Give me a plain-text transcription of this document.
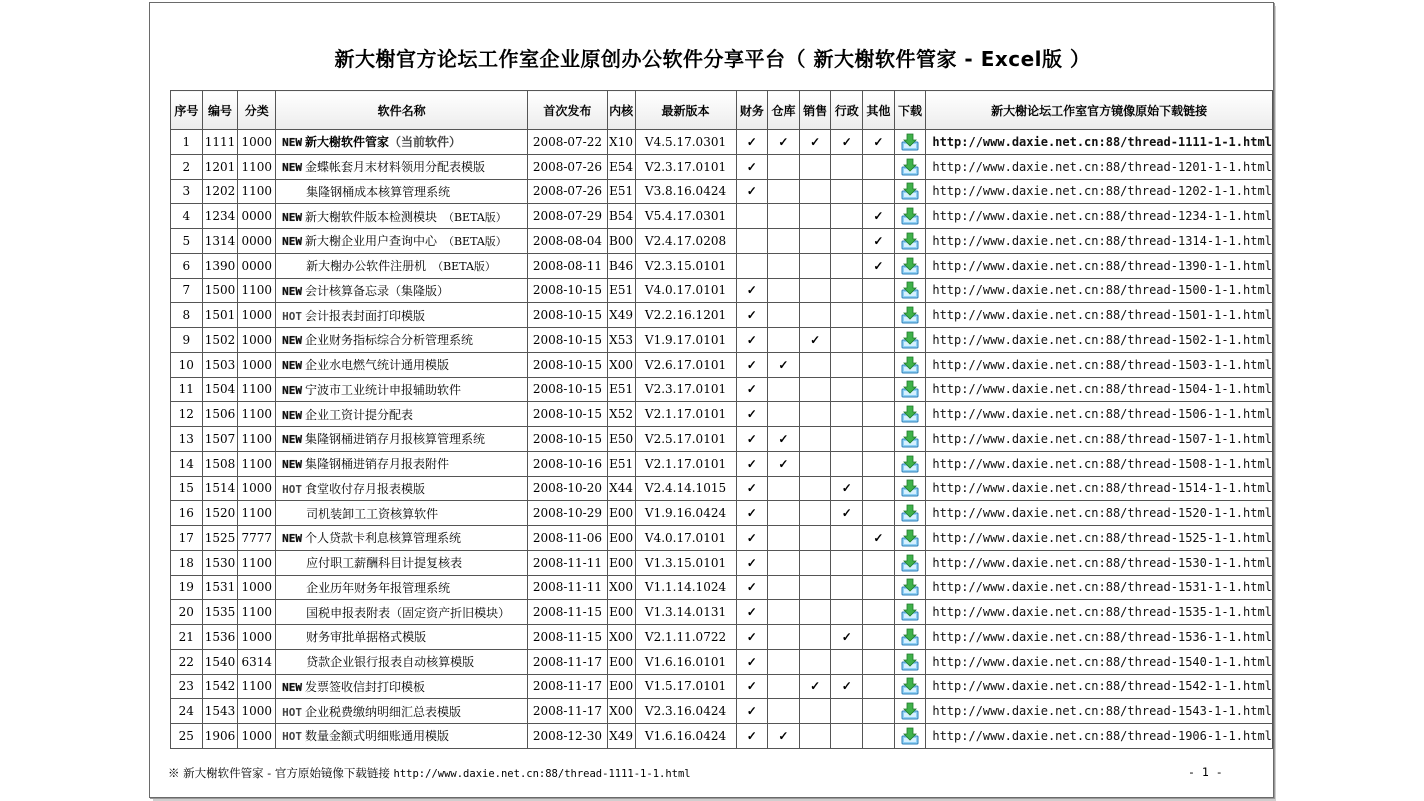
新大榭官方论坛工作室企业原创办公软件分享平台（ 新大榭软件管家 - Excel版 ）
序号	编号	分类	软件名称	首次发布	内核	最新版本	财务	仓库	销售	行政	其他	下载	新大榭论坛工作室官方镜像原始下载链接
1	1111	1000	NEW 新大榭软件管家（当前软件）	2008-07-22	X10	V4.5.17.0301	✓	✓	✓	✓	✓		http://www.daxie.net.cn:88/thread-1111-1-1.html
2	1201	1100	NEW 金蝶帐套月末材料领用分配表模版	2008-07-26	E54	V2.3.17.0101	✓						http://www.daxie.net.cn:88/thread-1201-1-1.html
3	1202	1100	集隆钢桶成本核算管理系统	2008-07-26	E51	V3.8.16.0424	✓						http://www.daxie.net.cn:88/thread-1202-1-1.html
4	1234	0000	NEW 新大榭软件版本检测模块 （BETA版）	2008-07-29	B54	V5.4.17.0301					✓		http://www.daxie.net.cn:88/thread-1234-1-1.html
5	1314	0000	NEW 新大榭企业用户查询中心 （BETA版）	2008-08-04	B00	V2.4.17.0208					✓		http://www.daxie.net.cn:88/thread-1314-1-1.html
6	1390	0000	新大榭办公软件注册机 （BETA版）	2008-08-11	B46	V2.3.15.0101					✓		http://www.daxie.net.cn:88/thread-1390-1-1.html
7	1500	1100	NEW 会计核算备忘录（集隆版）	2008-10-15	E51	V4.0.17.0101	✓						http://www.daxie.net.cn:88/thread-1500-1-1.html
8	1501	1000	HOT 会计报表封面打印模版	2008-10-15	X49	V2.2.16.1201	✓						http://www.daxie.net.cn:88/thread-1501-1-1.html
9	1502	1000	NEW 企业财务指标综合分析管理系统	2008-10-15	X53	V1.9.17.0101	✓		✓				http://www.daxie.net.cn:88/thread-1502-1-1.html
10	1503	1000	NEW 企业水电燃气统计通用模版	2008-10-15	X00	V2.6.17.0101	✓	✓					http://www.daxie.net.cn:88/thread-1503-1-1.html
11	1504	1100	NEW 宁波市工业统计申报辅助软件	2008-10-15	E51	V2.3.17.0101	✓						http://www.daxie.net.cn:88/thread-1504-1-1.html
12	1506	1100	NEW 企业工资计提分配表	2008-10-15	X52	V2.1.17.0101	✓						http://www.daxie.net.cn:88/thread-1506-1-1.html
13	1507	1100	NEW 集隆钢桶进销存月报核算管理系统	2008-10-15	E50	V2.5.17.0101	✓	✓					http://www.daxie.net.cn:88/thread-1507-1-1.html
14	1508	1100	NEW 集隆钢桶进销存月报表附件	2008-10-16	E51	V2.1.17.0101	✓	✓					http://www.daxie.net.cn:88/thread-1508-1-1.html
15	1514	1000	HOT 食堂收付存月报表模版	2008-10-20	X44	V2.4.14.1015	✓			✓			http://www.daxie.net.cn:88/thread-1514-1-1.html
16	1520	1100	司机装卸工工资核算软件	2008-10-29	E00	V1.9.16.0424	✓			✓			http://www.daxie.net.cn:88/thread-1520-1-1.html
17	1525	7777	NEW 个人贷款卡利息核算管理系统	2008-11-06	E00	V4.0.17.0101	✓				✓		http://www.daxie.net.cn:88/thread-1525-1-1.html
18	1530	1100	应付职工薪酬科目计提复核表	2008-11-11	E00	V1.3.15.0101	✓						http://www.daxie.net.cn:88/thread-1530-1-1.html
19	1531	1000	企业历年财务年报管理系统	2008-11-11	X00	V1.1.14.1024	✓						http://www.daxie.net.cn:88/thread-1531-1-1.html
20	1535	1100	国税申报表附表（固定资产折旧模块）	2008-11-15	E00	V1.3.14.0131	✓						http://www.daxie.net.cn:88/thread-1535-1-1.html
21	1536	1000	财务审批单据格式模版	2008-11-15	X00	V2.1.11.0722	✓			✓			http://www.daxie.net.cn:88/thread-1536-1-1.html
22	1540	6314	贷款企业银行报表自动核算模版	2008-11-17	E00	V1.6.16.0101	✓						http://www.daxie.net.cn:88/thread-1540-1-1.html
23	1542	1100	NEW 发票签收信封打印模板	2008-11-17	E00	V1.5.17.0101	✓		✓	✓			http://www.daxie.net.cn:88/thread-1542-1-1.html
24	1543	1000	HOT 企业税费缴纳明细汇总表模版	2008-11-17	X00	V2.3.16.0424	✓						http://www.daxie.net.cn:88/thread-1543-1-1.html
25	1906	1000	HOT 数量金额式明细账通用模版	2008-12-30	X49	V1.6.16.0424	✓	✓					http://www.daxie.net.cn:88/thread-1906-1-1.html
※ 新大榭软件管家 - 官方原始镜像下载链接 http://www.daxie.net.cn:88/thread-1111-1-1.html	- 1 -
